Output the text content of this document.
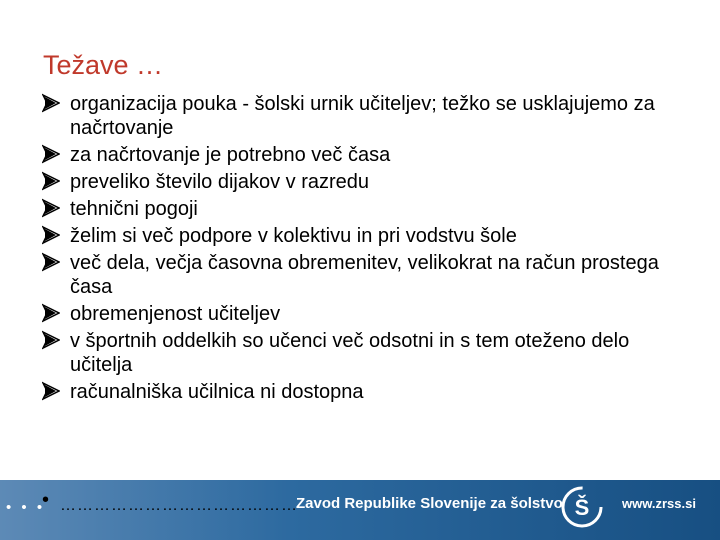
Težave …
organizacija pouka - šolski urnik učiteljev; težko se usklajujemo za načrtovanje
za načrtovanje je potrebno več časa
preveliko število dijakov v razredu
tehnični pogoji
želim si več podpore v kolektivu in pri vodstvu šole
več dela, večja časovna obremenitev, velikokrat na račun prostega časa
obremenjenost učiteljev
v športnih oddelkih so učenci več odsotni in s tem oteženo delo učitelja
računalniška učilnica ni dostopna
• • •
• ……………………………………
Zavod Republike Slovenije za šolstvo Š	www.zrss.si
